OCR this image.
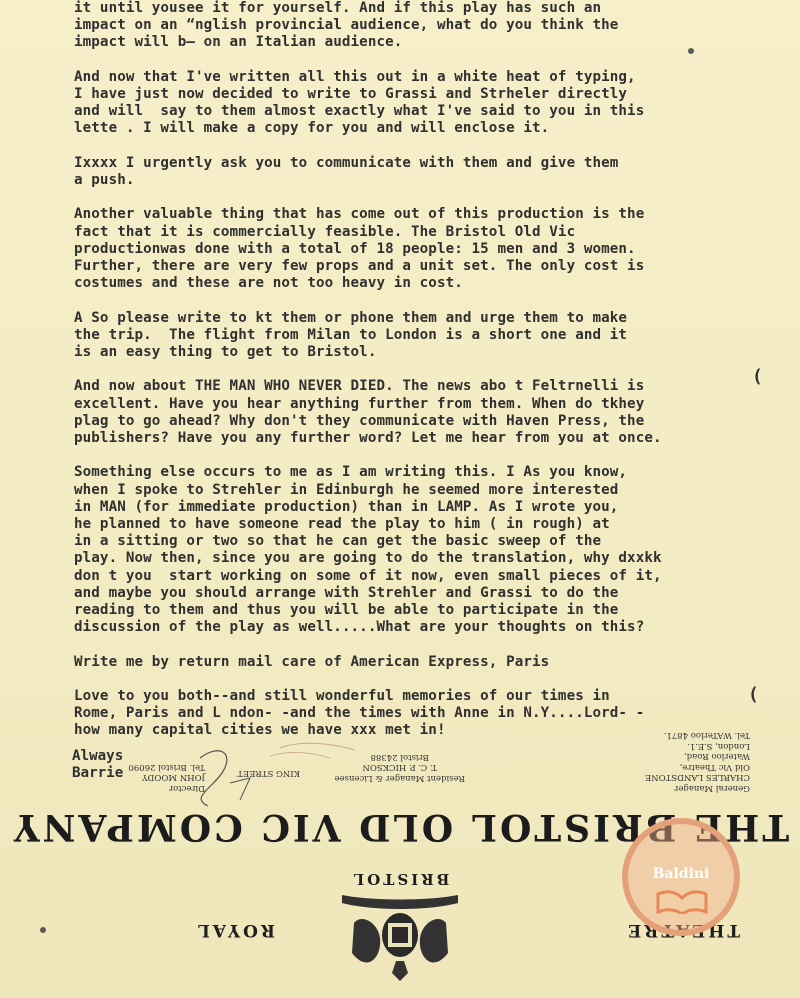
it until yousee it for yourself. And if this play has such an
impact on an “nglish provincial audience, what do you think the
impact will b– on an Italian audience.
And now that I've written all this out in a white heat of typing,
I have just now decided to write to Grassi and Strheler directly
and will  say to them almost exactly what I've said to you in this
lette . I will make a copy for you and will enclose it.
Ixxxx I urgently ask you to communicate with them and give them
a push.
Another valuable thing that has come out of this production is the
fact that it is commercially feasible. The Bristol Old Vic
productionwas done with a total of 18 people: 15 men and 3 women.
Further, there are very few props and a unit set. The only cost is
costumes and these are not too heavy in cost.
A So please write to kt them or phone them and urge them to make
the trip.  The flight from Milan to London is a short one and it
is an easy thing to get to Bristol.
And now about THE MAN WHO NEVER DIED. The news abo t Feltrnelli is
excellent. Have you hear anything further from them. When do tkhey
plag to go ahead? Why don't they communicate with Haven Press, the
publishers? Have you any further word? Let me hear from you at once.
Something else occurs to me as I am writing this. I As you know,
when I spoke to Strehler in Edinburgh he seemed more interested
in MAN (for immediate production) than in LAMP. As I wrote you,
he planned to have someone read the play to him ( in rough) at
in a sitting or two so that he can get the basic sweep of the
play. Now then, since you are going to do the translation, why dxxkk
don t you  start working on some of it now, even small pieces of it,
and maybe you should arrange with Strehler and Grassi to do the
reading to them and thus you will be able to participate in the
discussion of the play as well.....What are your thoughts on this?
Write me by return mail care of American Express, Paris
Love to you both--and still wonderful memories of our times in
Rome, Paris and L ndon- -and the times with Anne in N.Y....Lord- -
how many capital cities we have xxx met in!
Always
Barrie
THE BRISTOL OLD VIC COMPANY
BRISTOL
THEATRE
ROYAL
General Manager
CHARLES LANDSTONE
Old Vic Theatre,
Waterloo Road,
London, S.E.1.
Tel. WATerloo 4871.
Resident Manager & Licensee
T. C. P. HICKSON
Bristol 24388
KING STREET
Director
JOHN MOODY
Tel. Bristol 26090
Baldini
(
(
